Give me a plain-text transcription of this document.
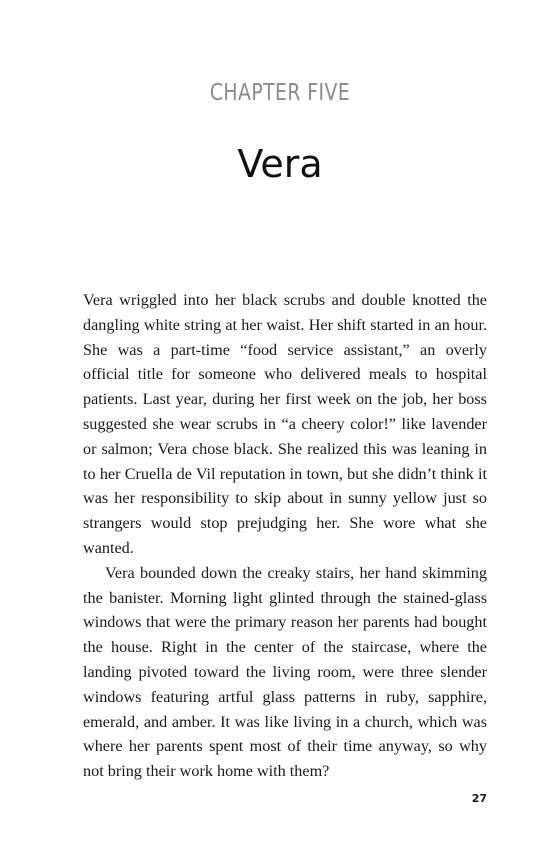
CHAPTER FIVE
Vera

Vera wriggled into her black scrubs and double knotted the dangling white string at her waist. Her shift started in an hour. She was a part-time “food service assistant,” an overly official title for someone who delivered meals to hospital patients. Last year, during her first week on the job, her boss suggested she wear scrubs in “a cheery color!” like lavender or salmon; Vera chose black. She realized this was leaning in to her Cruella de Vil reputation in town, but she didn’t think it was her responsibility to skip about in sunny yellow just so strangers would stop prejudging her. She wore what she wanted.

Vera bounded down the creaky stairs, her hand skimming the banister. Morning light glinted through the stained-glass windows that were the primary reason her parents had bought the house. Right in the center of the staircase, where the landing pivoted toward the living room, were three slender windows featuring artful glass patterns in ruby, sapphire, emerald, and amber. It was like living in a church, which was where her parents spent most of their time anyway, so why not bring their work home with them?

27
